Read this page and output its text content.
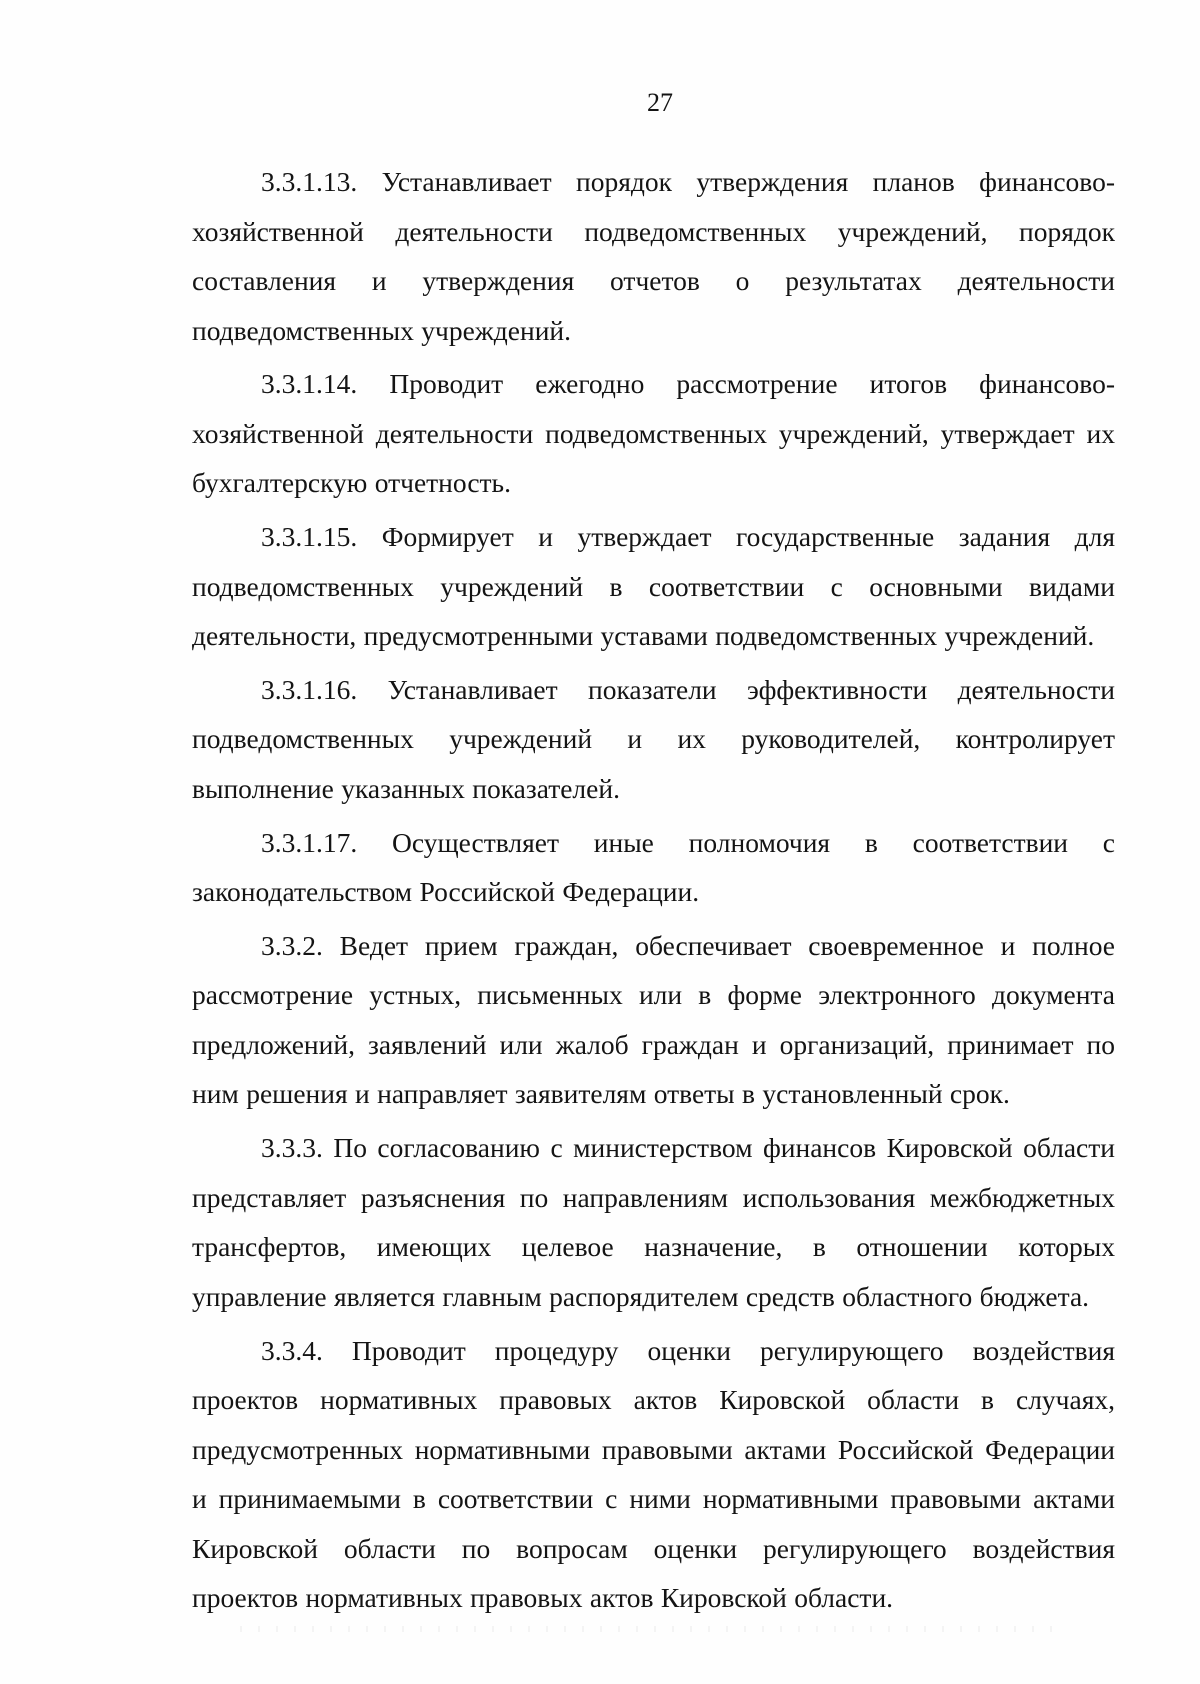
27

3.3.1.13. Устанавливает порядок утверждения планов финансово-хозяйственной деятельности подведомственных учреждений, порядок составления и утверждения отчетов о результатах деятельности подведомственных учреждений.

3.3.1.14. Проводит ежегодно рассмотрение итогов финансово-хозяйственной деятельности подведомственных учреждений, утверждает их бухгалтерскую отчетность.

3.3.1.15. Формирует и утверждает государственные задания для подведомственных учреждений в соответствии с основными видами деятельности, предусмотренными уставами подведомственных учреждений.

3.3.1.16. Устанавливает показатели эффективности деятельности подведомственных учреждений и их руководителей, контролирует выполнение указанных показателей.

3.3.1.17. Осуществляет иные полномочия в соответствии с законодательством Российской Федерации.

3.3.2. Ведет прием граждан, обеспечивает своевременное и полное рассмотрение устных, письменных или в форме электронного документа предложений, заявлений или жалоб граждан и организаций, принимает по ним решения и направляет заявителям ответы в установленный срок.

3.3.3. По согласованию с министерством финансов Кировской области представляет разъяснения по направлениям использования межбюджетных трансфертов, имеющих целевое назначение, в отношении которых управление является главным распорядителем средств областного бюджета.

3.3.4. Проводит процедуру оценки регулирующего воздействия проектов нормативных правовых актов Кировской области в случаях, предусмотренных нормативными правовыми актами Российской Федерации и принимаемыми в соответствии с ними нормативными правовыми актами Кировской области по вопросам оценки регулирующего воздействия проектов нормативных правовых актов Кировской области.
